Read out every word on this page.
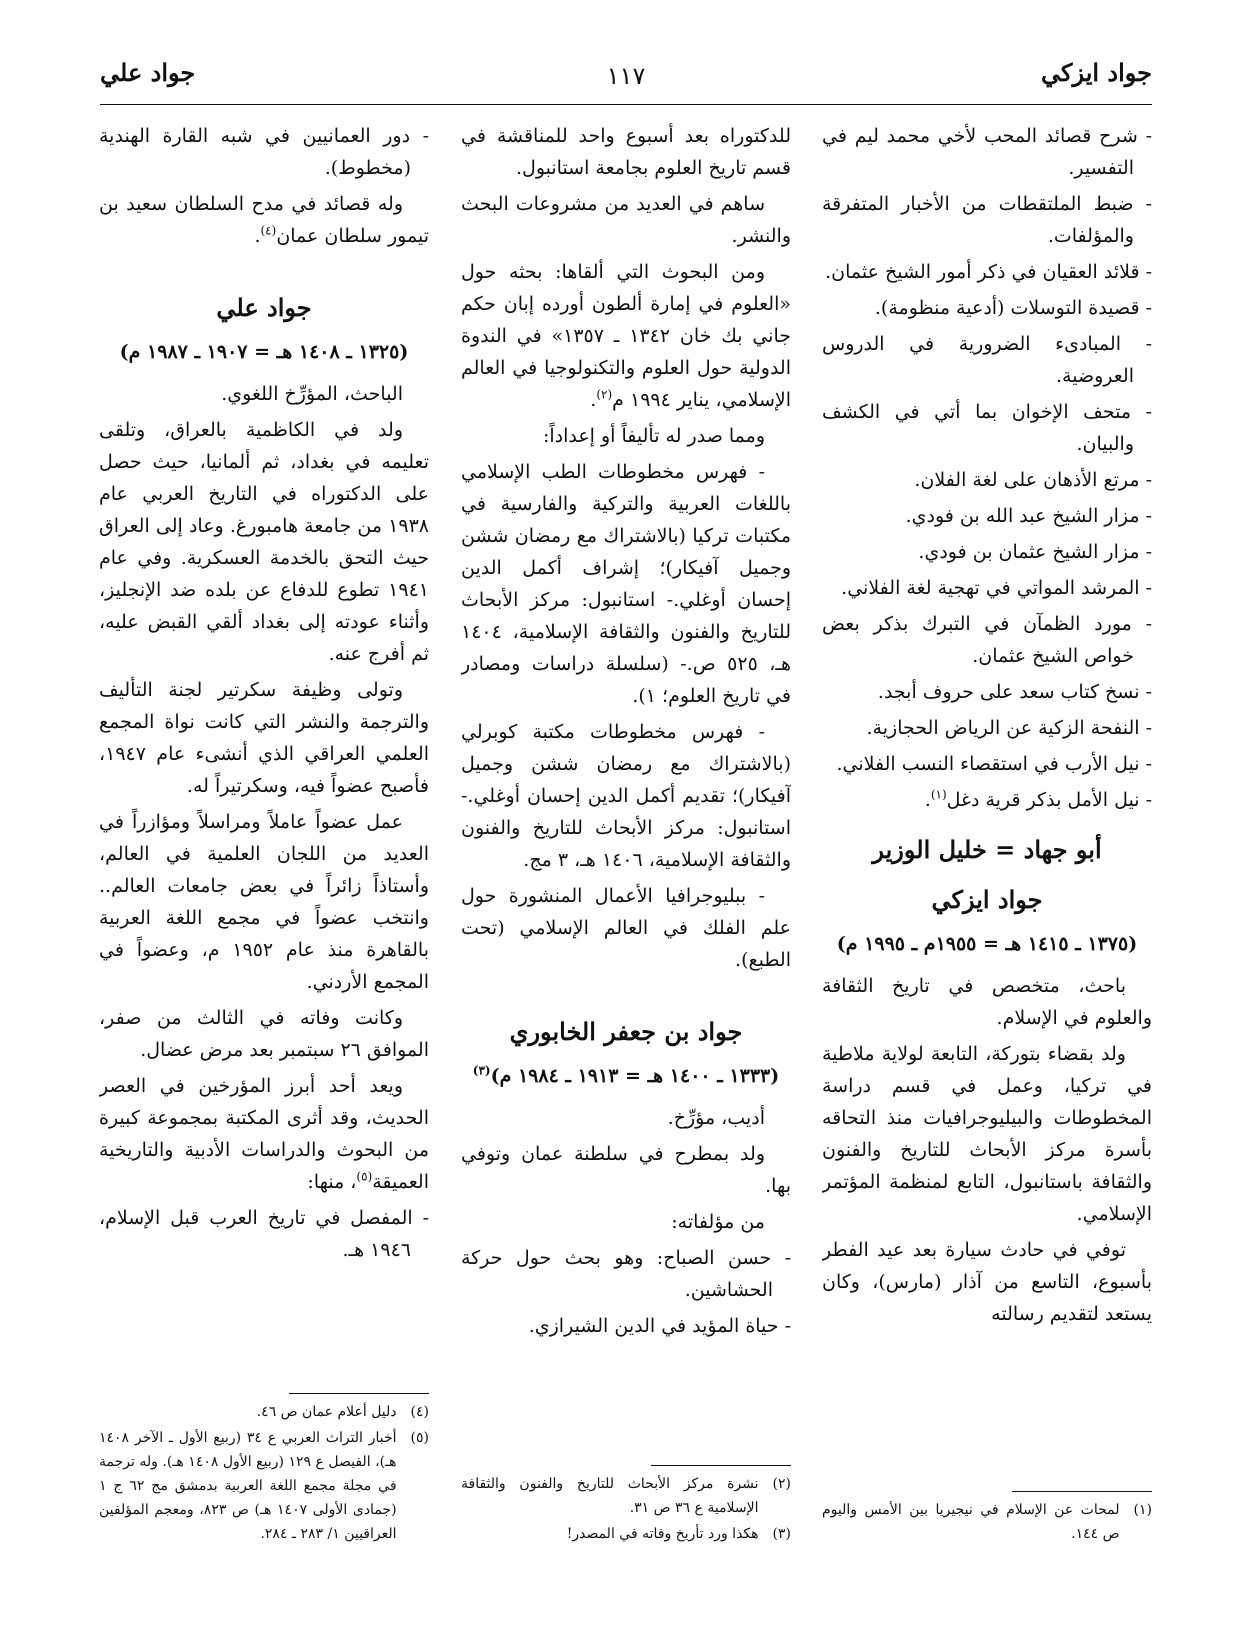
جواد ايزكي
١١٧
جواد علي

- شرح قصائد المحب لأخي محمد ليم في التفسير.

- ضبط الملتقطات من الأخبار المتفرقة والمؤلفات.

- قلائد العقيان في ذكر أمور الشيخ عثمان.

- قصيدة التوسلات (أدعية منظومة).

- المبادىء الضرورية في الدروس العروضية.

- متحف الإخوان بما أتي في الكشف والبيان.

- مرتع الأذهان على لغة الفلان.

- مزار الشيخ عبد الله بن فودي.

- مزار الشيخ عثمان بن فودي.

- المرشد المواتي في تهجية لغة الفلاني.

- مورد الظمآن في التبرك بذكر بعض خواص الشيخ عثمان.

- نسخ كتاب سعد على حروف أبجد.

- النفحة الزكية عن الرياض الحجازية.

- نيل الأرب في استقصاء النسب الفلاني.

- نيل الأمل بذكر قرية دغل$^{(١)}$.

أبو جهاد = خليل الوزير
جواد ايزكي
(١٣٧٥ ـ ١٤١٥ هـ = ١٩٥٥م ـ ١٩٩٥ م)

باحث، متخصص في تاريخ الثقافة والعلوم في الإسلام.

ولد بقضاء بتوركة، التابعة لولاية ملاطية في تركيا، وعمل في قسم دراسة المخطوطات والبيليوجرافيات منذ التحاقه بأسرة مركز الأبحاث للتاريخ والفنون والثقافة باستانبول، التابع لمنظمة المؤتمر الإسلامي.

توفي في حادث سيارة بعد عيد الفطر بأسبوع، التاسع من آذار (مارس)، وكان يستعد لتقديم رسالته

(١)
لمحات عن الإسلام في نيجيريا بين الأمس واليوم ص ١٤٤.

للدكتوراه بعد أسبوع واحد للمناقشة في قسم تاريخ العلوم بجامعة استانبول.

ساهم في العديد من مشروعات البحث والنشر.

ومن البحوث التي ألقاها: بحثه حول «العلوم في إمارة ألطون أورده إبان حكم جاني بك خان ١٣٤٢ ـ ١٣٥٧» في الندوة الدولية حول العلوم والتكنولوجيا في العالم الإسلامي، يناير ١٩٩٤ م$^{(٢)}$.

ومما صدر له تأليفاً أو إعداداً:

- فهرس مخطوطات الطب الإسلامي باللغات العربية والتركية والفارسية في مكتبات تركيا (بالاشتراك مع رمضان ششن وجميل آفيكار)؛ إشراف أكمل الدين إحسان أوغلي.- استانبول: مركز الأبحاث للتاريخ والفنون والثقافة الإسلامية، ١٤٠٤ هـ، ٥٢٥ ص.- (سلسلة دراسات ومصادر في تاريخ العلوم؛ ١).

- فهرس مخطوطات مكتبة كوبرلي (بالاشتراك مع رمضان ششن وجميل آفيكار)؛ تقديم أكمل الدين إحسان أوغلي.- استانبول: مركز الأبحاث للتاريخ والفنون والثقافة الإسلامية، ١٤٠٦ هـ، ٣ مج.

- ببليوجرافيا الأعمال المنشورة حول علم الفلك في العالم الإسلامي (تحت الطبع).

جواد بن جعفر الخابوري
(١٣٣٣ ـ ١٤٠٠ هـ = ١٩١٣ ـ ١٩٨٤ م)$^{(٣)}$

أديب، مؤرِّخ.

ولد بمطرح في سلطنة عمان وتوفي بها.

من مؤلفاته:

- حسن الصباح: وهو بحث حول حركة الحشاشين.

- حياة المؤيد في الدين الشيرازي.

(٢)
نشرة مركز الأبحاث للتاريخ والفنون والثقافة الإسلامية ع ٣٦ ص ٣١.
(٣)
هكذا ورد تأريخ وفاته في المصدر!

- دور العمانيين في شبه القارة الهندية (مخطوط).

وله قصائد في مدح السلطان سعيد بن تيمور سلطان عمان$^{(٤)}$.

جواد علي
(١٣٢٥ ـ ١٤٠٨ هـ = ١٩٠٧ ـ ١٩٨٧ م)

الباحث، المؤرِّخ اللغوي.

ولد في الكاظمية بالعراق، وتلقى تعليمه في بغداد، ثم ألمانيا، حيث حصل على الدكتوراه في التاريخ العربي عام ١٩٣٨ من جامعة هامبورغ. وعاد إلى العراق حيث التحق بالخدمة العسكرية. وفي عام ١٩٤١ تطوع للدفاع عن بلده ضد الإنجليز، وأثناء عودته إلى بغداد ألقي القبض عليه، ثم أفرج عنه.

وتولى وظيفة سكرتير لجنة التأليف والترجمة والنشر التي كانت نواة المجمع العلمي العراقي الذي أنشىء عام ١٩٤٧، فأصبح عضواً فيه، وسكرتيراً له.

عمل عضواً عاملاً ومراسلاً ومؤازراً في العديد من اللجان العلمية في العالم، وأستاذاً زائراً في بعض جامعات العالم.. وانتخب عضواً في مجمع اللغة العربية بالقاهرة منذ عام ١٩٥٢ م، وعضواً في المجمع الأردني.

وكانت وفاته في الثالث من صفر، الموافق ٢٦ سبتمبر بعد مرض عضال.

ويعد أحد أبرز المؤرخين في العصر الحديث، وقد أثرى المكتبة بمجموعة كبيرة من البحوث والدراسات الأدبية والتاريخية العميقة$^{(٥)}$، منها:

- المفصل في تاريخ العرب قبل الإسلام، ١٩٤٦ هـ.

(٤)
دليل أعلام عمان ص ٤٦.
(٥)
أخبار التراث العربي ع ٣٤ (ربيع الأول ـ الآخر ١٤٠٨ هـ)، الفيصل ع ١٢٩ (ربيع الأول ١٤٠٨ هـ). وله ترجمة في مجلة مجمع اللغة العربية بدمشق مج ٦٢ ج ١ (جمادى الأولى ١٤٠٧ هـ) ص ٨٢٣، ومعجم المؤلفين العراقيين ١/ ٢٨٣ ـ ٢٨٤.
